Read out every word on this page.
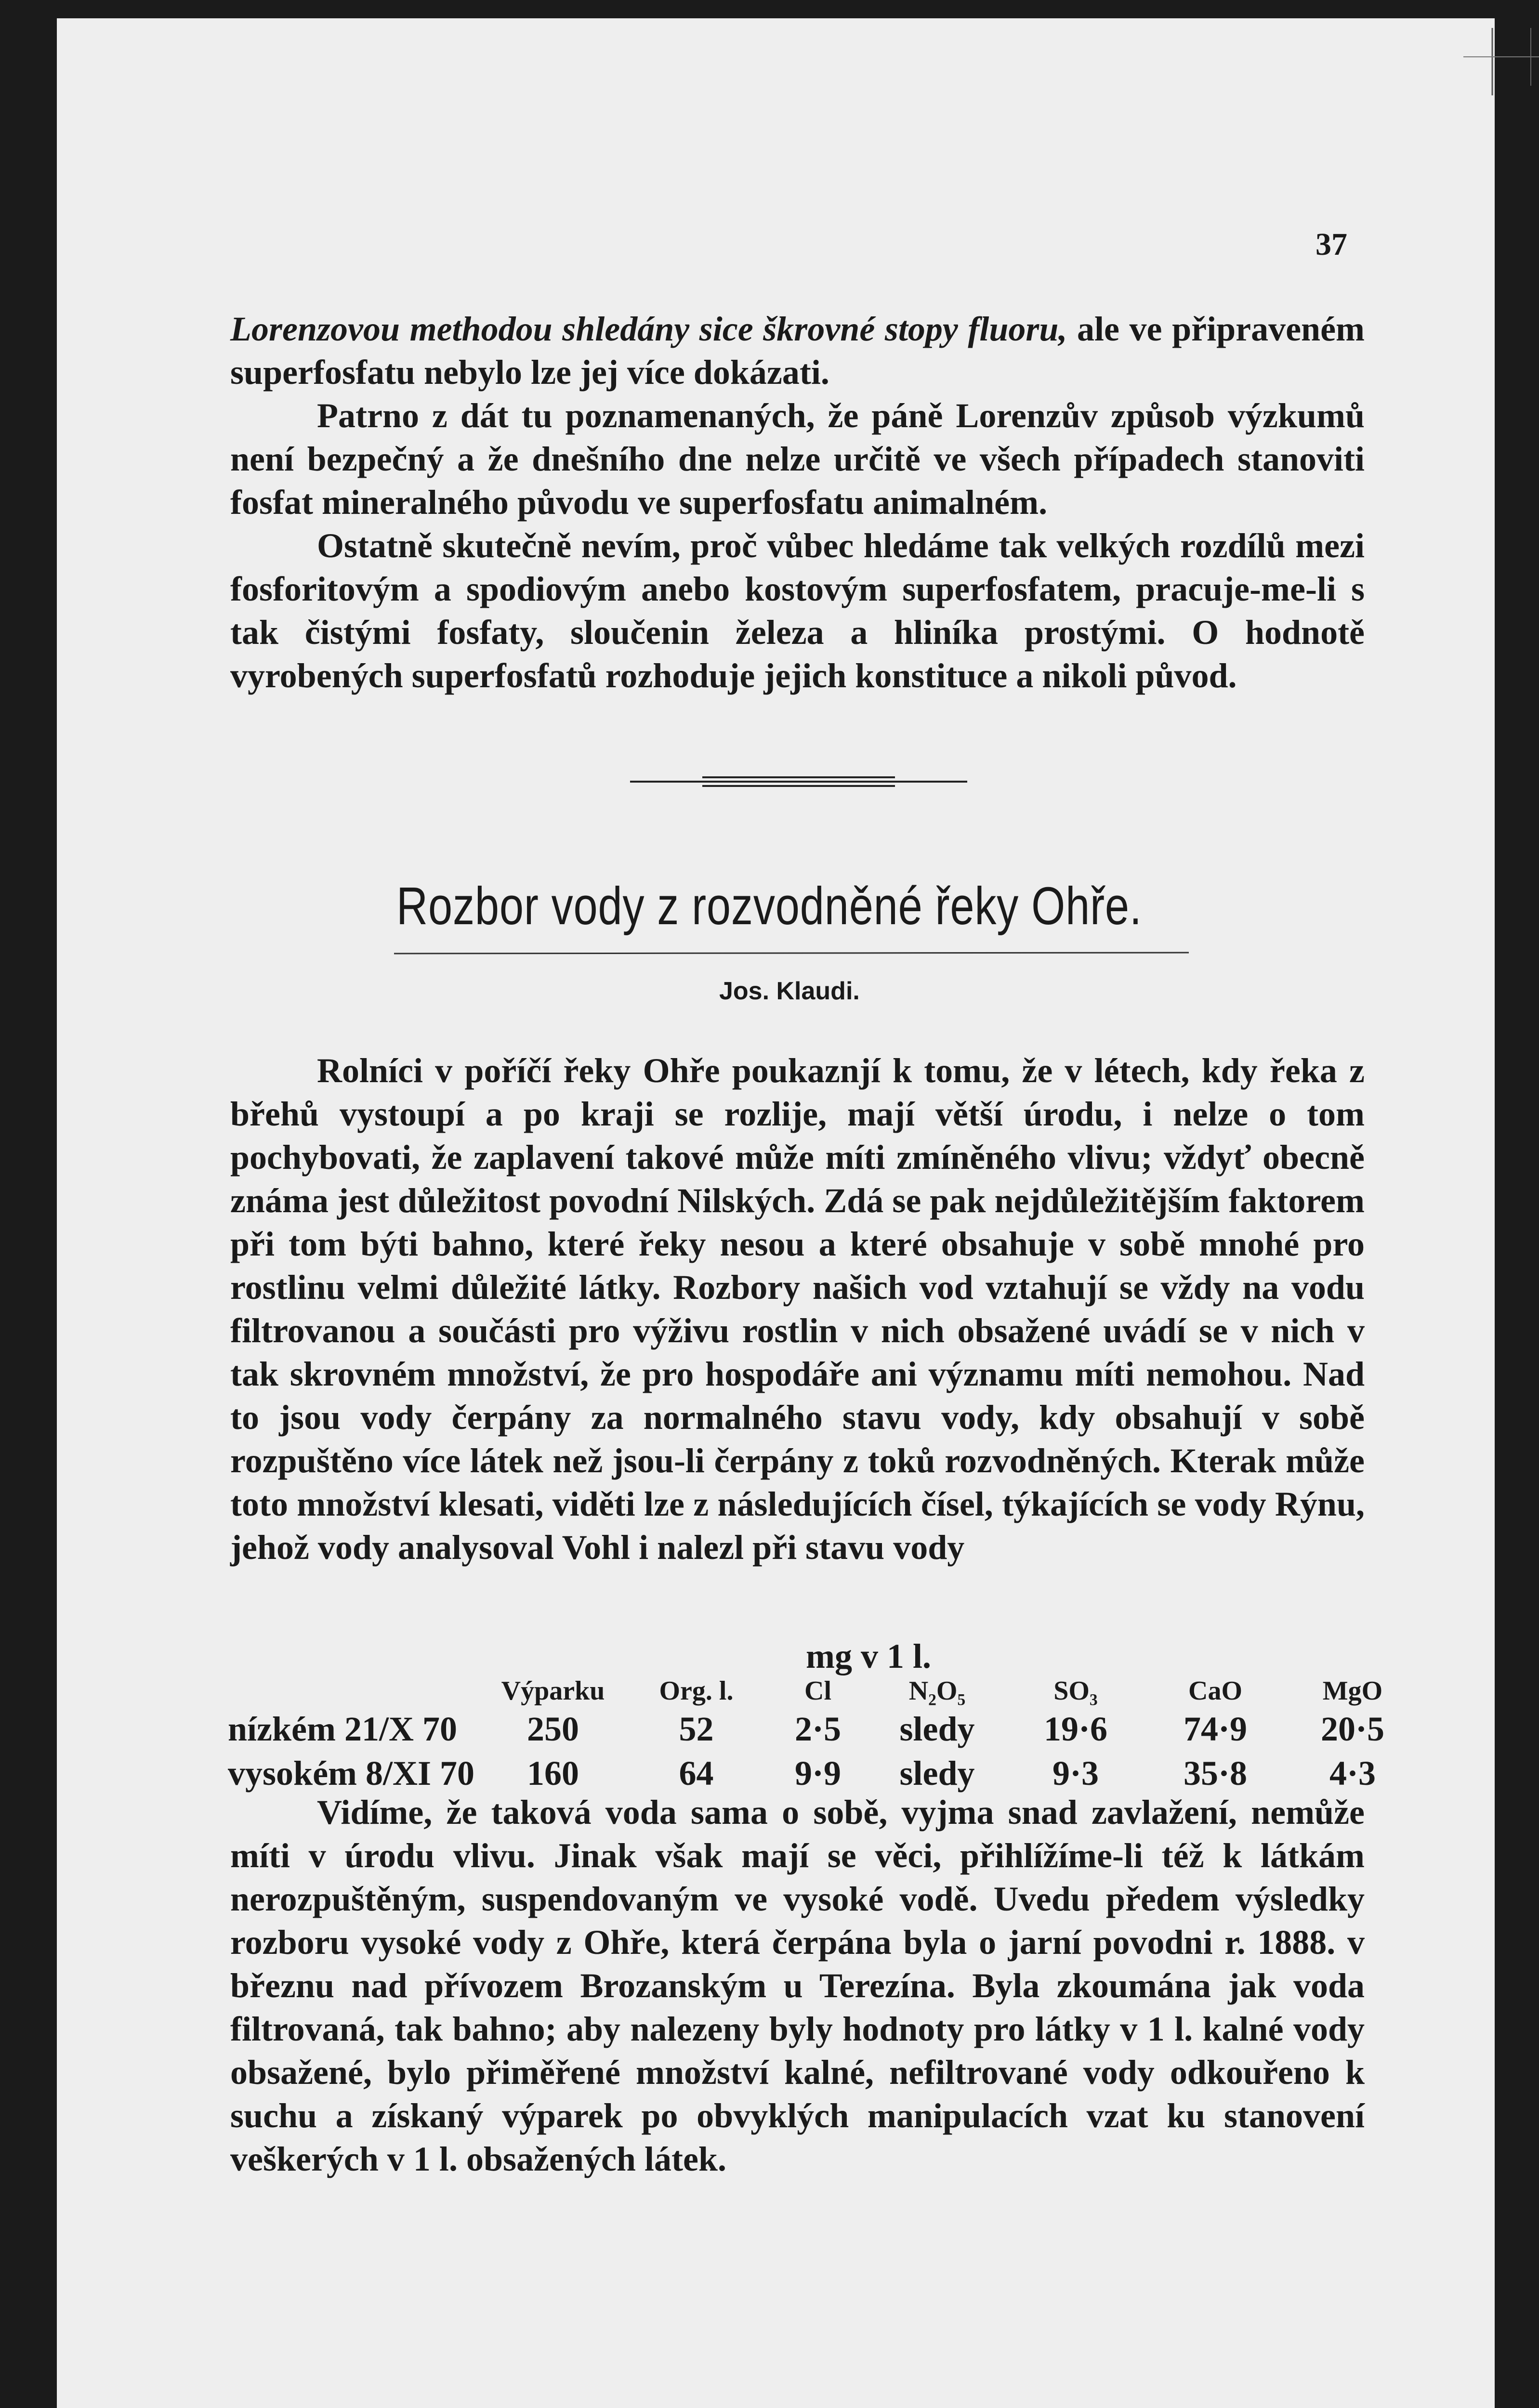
37

Lorenzovou methodou shledány sice škrovné stopy fluoru, ale ve připraveném superfosfatu nebylo lze jej více dokázati.

Patrno z dát tu poznamenaných, že páně Lorenzův způsob výzkumů není bezpečný a že dnešního dne nelze určitě ve všech případech stanoviti fosfat mineralného původu ve superfosfatu animalném.

Ostatně skutečně nevím, proč vůbec hledáme tak velkých rozdílů mezi fosforitovým a spodiovým anebo kostovým superfosfatem, pracuje-me-li s tak čistými fosfaty, sloučenin železa a hliníka prostými. O hodnotě vyrobených superfosfatů rozhoduje jejich konstituce a nikoli původ.

Rozbor vody z rozvodněné řeky Ohře.
Jos. Klaudi.
Rolníci v poříčí řeky Ohře poukaznjí k tomu, že v létech, kdy řeka z břehů vystoupí a po kraji se rozlije, mají větší úrodu, i nelze o tom pochybovati, že zaplavení takové může míti zmíněného vlivu; vždyť obecně známa jest důležitost povodní Nilských. Zdá se pak nejdůležitějším faktorem při tom býti bahno, které řeky nesou a které obsahuje v sobě mnohé pro rostlinu velmi důležité látky. Rozbory našich vod vztahují se vždy na vodu filtrovanou a součásti pro výživu rostlin v nich obsažené uvádí se v nich v tak skrovném množství, že pro hospodáře ani významu míti nemohou. Nad to jsou vody čerpány za normalného stavu vody, kdy obsahují v sobě rozpuštěno více látek než jsou-li čerpány z toků rozvodněných. Kterak může toto množství klesati, viděti lze z následujících čísel, týkajících se vody Rýnu, jehož vody analysoval Vohl i nalezl při stavu vody
mg v 1 l.
	Výparku	Org. l.	Cl	N₂O₅	SO₃	CaO	MgO
nízkém 21/X 70	250	52	2·5	sledy	19·6	74·9	20·5
vysokém 8/XI 70	160	64	9·9	sledy	9·3	35·8	4·3
Vidíme, že taková voda sama o sobě, vyjma snad zavlažení, nemůže míti v úrodu vlivu. Jinak však mají se věci, přihlížíme-li též k látkám nerozpuštěným, suspendovaným ve vysoké vodě. Uvedu předem výsledky rozboru vysoké vody z Ohře, která čerpána byla o jarní povodni r. 1888. v březnu nad přívozem Brozanským u Terezína. Byla zkoumána jak voda filtrovaná, tak bahno; aby nalezeny byly hodnoty pro látky v 1 l. kalné vody obsažené, bylo přiměřené množství kalné, nefiltrované vody odkouřeno k suchu a získaný výparek po obvyklých manipulacích vzat ku stanovení veškerých v 1 l. obsažených látek.
